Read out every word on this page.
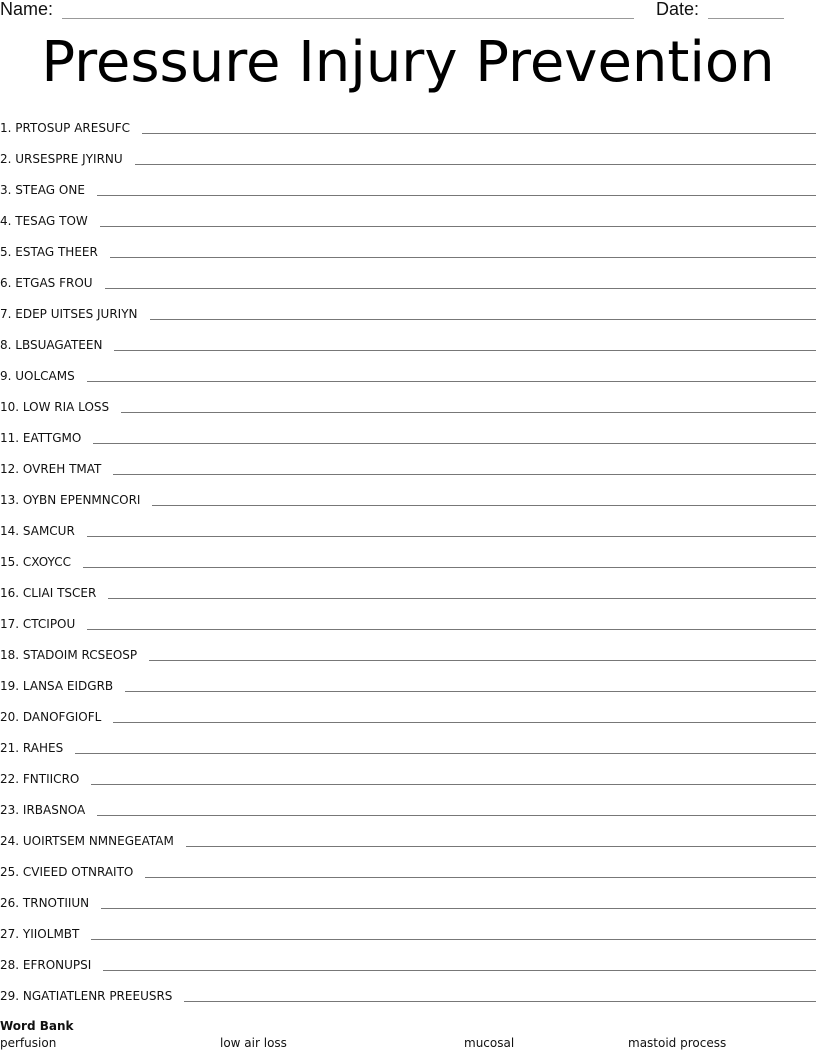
Name:	Date:
Pressure Injury Prevention
1. PRTOSUP ARESUFC
2. URSESPRE JYIRNU
3. STEAG ONE
4. TESAG TOW
5. ESTAG THEER
6. ETGAS FROU
7. EDEP UITSES JURIYN
8. LBSUAGATEEN
9. UOLCAMS
10. LOW RIA LOSS
11. EATTGMO
12. OVREH TMAT
13. OYBN EPENMNCORI
14. SAMCUR
15. CXOYCC
16. CLIAI TSCER
17. CTCIPOU
18. STADOIM RCSEOSP
19. LANSA EIDGRB
20. DANOFGIOFL
21. RAHES
22. FNTIICRO
23. IRBASNOA
24. UOIRTSEM NMNEGEATAM
25. CVIEED OTNRAITO
26. TRNOTIIUN
27. YIIOLMBT
28. EFRONUPSI
29. NGATIATLENR PREEUSRS
Word Bank
perfusion	low air loss	mucosal	mastoid process
